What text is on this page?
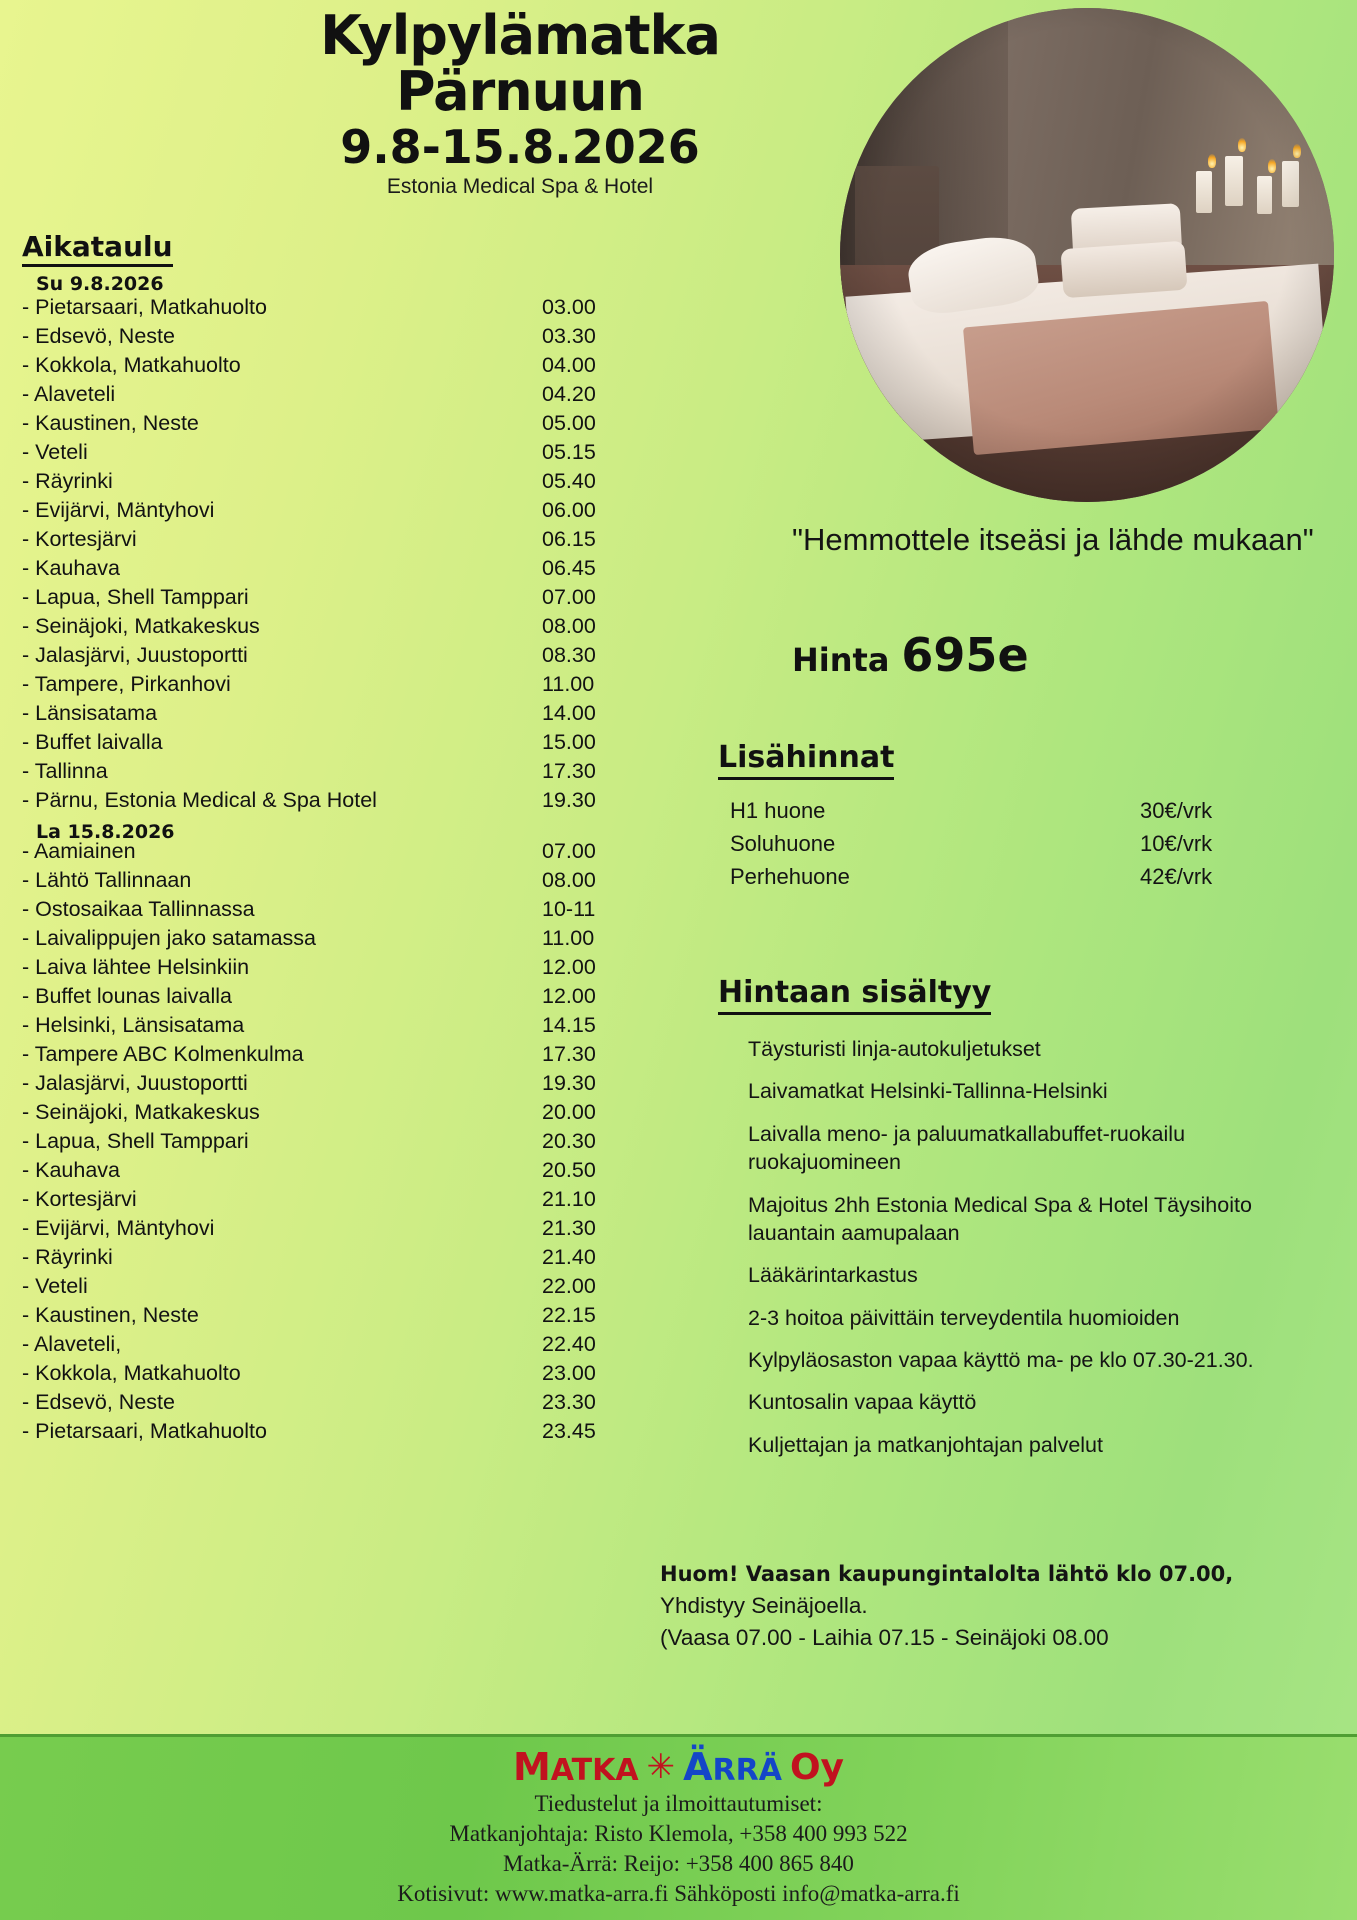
Kylpylämatka
Pärnuun
9.8-15.8.2026
Estonia Medical Spa & Hotel
Aikataulu
Su 9.8.2026
- Pietarsaari, Matkahuolto	03.00
- Edsevö, Neste	03.30
- Kokkola, Matkahuolto	04.00
- Alaveteli	04.20
- Kaustinen, Neste	05.00
- Veteli	05.15
- Räyrinki	05.40
- Evijärvi, Mäntyhovi	06.00
- Kortesjärvi	06.15
- Kauhava	06.45
- Lapua, Shell Tamppari	07.00
- Seinäjoki, Matkakeskus	08.00
- Jalasjärvi, Juustoportti	08.30
- Tampere, Pirkanhovi	11.00
- Länsisatama	14.00
- Buffet laivalla	15.00
- Tallinna	17.30
- Pärnu, Estonia Medical & Spa Hotel	19.30
La 15.8.2026
- Aamiainen	07.00
- Lähtö Tallinnaan	08.00
- Ostosaikaa Tallinnassa	10-11
- Laivalippujen jako satamassa	11.00
- Laiva lähtee Helsinkiin	12.00
- Buffet lounas laivalla	12.00
- Helsinki, Länsisatama	14.15
- Tampere ABC Kolmenkulma	17.30
- Jalasjärvi, Juustoportti	19.30
- Seinäjoki, Matkakeskus	20.00
- Lapua, Shell Tamppari	20.30
- Kauhava	20.50
- Kortesjärvi	21.10
- Evijärvi, Mäntyhovi	21.30
- Räyrinki	21.40
- Veteli	22.00
- Kaustinen, Neste	22.15
- Alaveteli,	22.40
- Kokkola, Matkahuolto	23.00
- Edsevö, Neste	23.30
- Pietarsaari, Matkahuolto	23.45
"Hemmottele itseäsi ja lähde mukaan"
Hinta 695e
Lisähinnat
H1 huone	30€/vrk
Soluhuone	10€/vrk
Perhehuone	42€/vrk
Hintaan sisältyy
Täysturisti linja-autokuljetukset
Laivamatkat Helsinki-Tallinna-Helsinki
Laivalla meno- ja paluumatkallabuffet-ruokailu ruokajuomineen
Majoitus 2hh Estonia Medical Spa & Hotel Täysihoito lauantain aamupalaan
Lääkärintarkastus
2-3 hoitoa päivittäin terveydentila huomioiden
Kylpyläosaston vapaa käyttö ma- pe klo 07.30-21.30.
Kuntosalin vapaa käyttö
Kuljettajan ja matkanjohtajan palvelut
Huom! Vaasan kaupungintalolta lähtö klo 07.00,
Yhdistyy Seinäjoella.
(Vaasa 07.00 - Laihia 07.15 - Seinäjoki 08.00
MATKA ✳ ÄRRÄ Oy
Tiedustelut ja ilmoittautumiset:
Matkanjohtaja: Risto Klemola, +358 400 993 522
Matka-Ärrä: Reijo: +358 400 865 840
Kotisivut: www.matka-arra.fi Sähköposti info@matka-arra.fi
